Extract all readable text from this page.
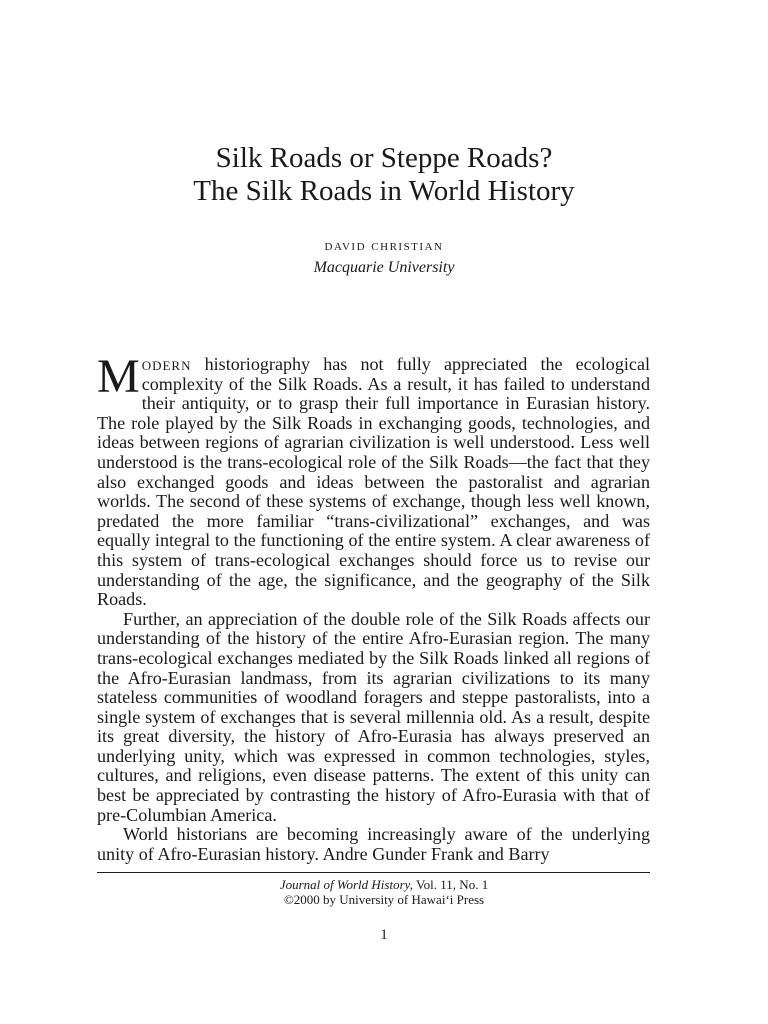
Silk Roads or Steppe Roads?
The Silk Roads in World History
david christian
Macquarie University

Modern historiography has not fully appreciated the ecological complexity of the Silk Roads. As a result, it has failed to understand their antiquity, or to grasp their full importance in Eurasian history. The role played by the Silk Roads in exchanging goods, technologies, and ideas between regions of agrarian civilization is well understood. Less well understood is the trans-ecological role of the Silk Roads—the fact that they also exchanged goods and ideas between the pastoralist and agrarian worlds. The second of these systems of exchange, though less well known, predated the more familiar “trans-civilizational” exchanges, and was equally integral to the functioning of the entire system. A clear awareness of this system of trans-ecological exchanges should force us to revise our understanding of the age, the significance, and the geography of the Silk Roads.

Further, an appreciation of the double role of the Silk Roads affects our understanding of the history of the entire Afro-Eurasian region. The many trans-ecological exchanges mediated by the Silk Roads linked all regions of the Afro-Eurasian landmass, from its agrarian civilizations to its many stateless communities of woodland foragers and steppe pastoralists, into a single system of exchanges that is several millennia old. As a result, despite its great diversity, the history of Afro-Eurasia has always preserved an underlying unity, which was expressed in common technologies, styles, cultures, and religions, even disease patterns. The extent of this unity can best be appreciated by contrasting the history of Afro-Eurasia with that of pre-Columbian America.

World historians are becoming increasingly aware of the underlying unity of Afro-Eurasian history. Andre Gunder Frank and Barry

Journal of World History, Vol. 11, No. 1
©2000 by University of Hawai‘i Press
1
